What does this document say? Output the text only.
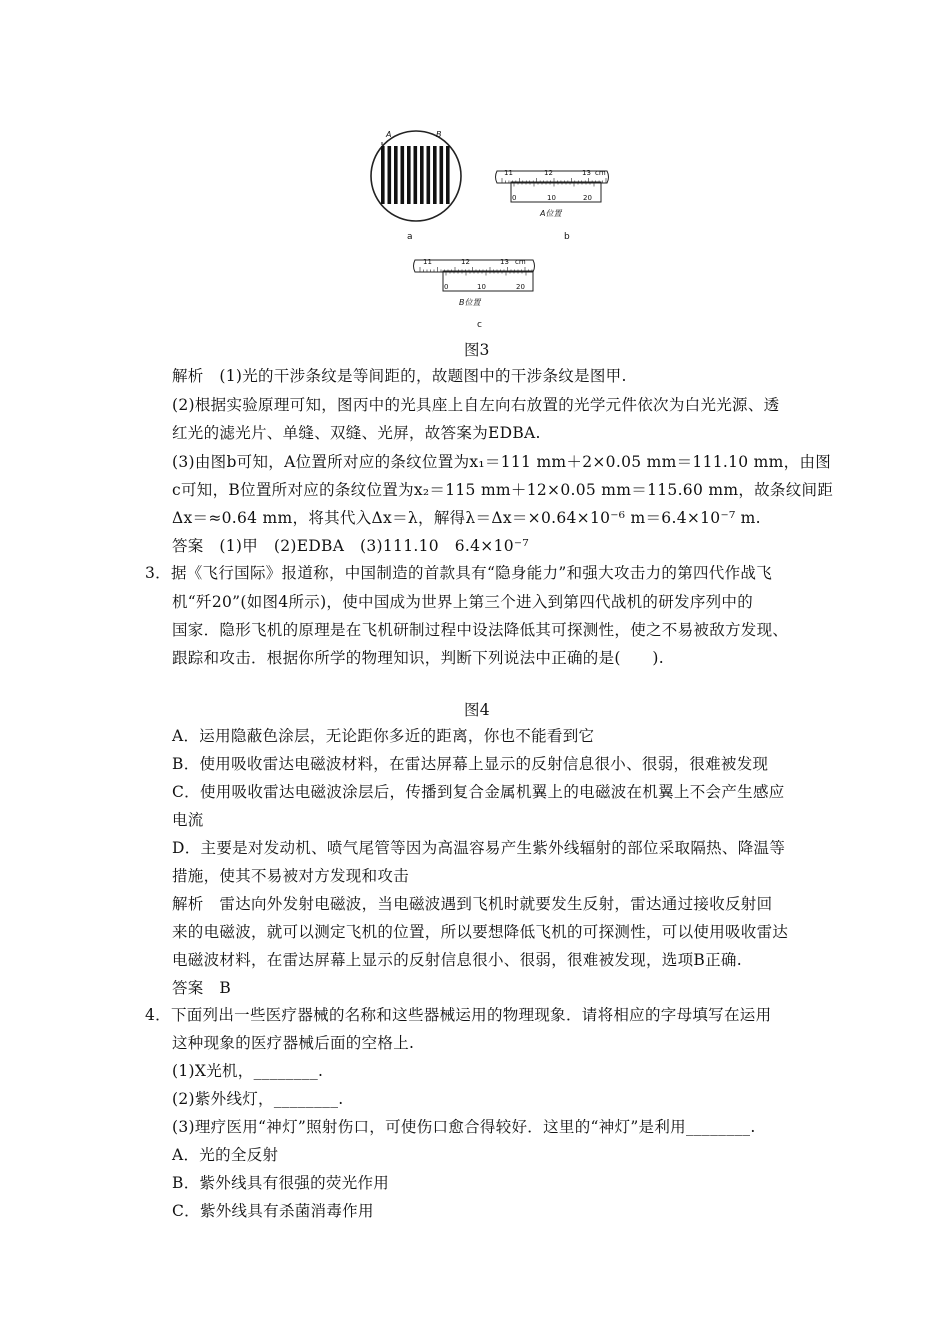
A	B
a
11	12	13 cm
0	10	20
A位置
b
11	12	13 cm
0	10	20
B位置
c
图3
解析　(1)光的干涉条纹是等间距的，故题图中的干涉条纹是图甲.
(2)根据实验原理可知，图丙中的光具座上自左向右放置的光学元件依次为白光光源、透
红光的滤光片、单缝、双缝、光屏，故答案为EDBA.
(3)由图b可知，A位置所对应的条纹位置为x₁＝111 mm＋2×0.05 mm＝111.10 mm，由图
c可知，B位置所对应的条纹位置为x₂＝115 mm＋12×0.05 mm＝115.60 mm，故条纹间距
Δx＝≈0.64 mm，将其代入Δx＝λ，解得λ＝Δx＝×0.64×10⁻⁶ m＝6.4×10⁻⁷ m.
答案　(1)甲　(2)EDBA　(3)111.10　6.4×10⁻⁷
3．据《飞行国际》报道称，中国制造的首款具有“隐身能力”和强大攻击力的第四代作战飞
机“歼20”(如图4所示)，使中国成为世界上第三个进入到第四代战机的研发序列中的
国家．隐形飞机的原理是在飞机研制过程中设法降低其可探测性，使之不易被敌方发现、
跟踪和攻击．根据你所学的物理知识，判断下列说法中正确的是(　　).
图4
A．运用隐蔽色涂层，无论距你多近的距离，你也不能看到它
B．使用吸收雷达电磁波材料，在雷达屏幕上显示的反射信息很小、很弱，很难被发现
C．使用吸收雷达电磁波涂层后，传播到复合金属机翼上的电磁波在机翼上不会产生感应
电流
D．主要是对发动机、喷气尾管等因为高温容易产生紫外线辐射的部位采取隔热、降温等
措施，使其不易被对方发现和攻击
解析　雷达向外发射电磁波，当电磁波遇到飞机时就要发生反射，雷达通过接收反射回
来的电磁波，就可以测定飞机的位置，所以要想降低飞机的可探测性，可以使用吸收雷达
电磁波材料，在雷达屏幕上显示的反射信息很小、很弱，很难被发现，选项B正确.
答案　B
4．下面列出一些医疗器械的名称和这些器械运用的物理现象．请将相应的字母填写在运用
这种现象的医疗器械后面的空格上.
(1)X光机，________.
(2)紫外线灯，________.
(3)理疗医用“神灯”照射伤口，可使伤口愈合得较好．这里的“神灯”是利用________.
A．光的全反射
B．紫外线具有很强的荧光作用
C．紫外线具有杀菌消毒作用
